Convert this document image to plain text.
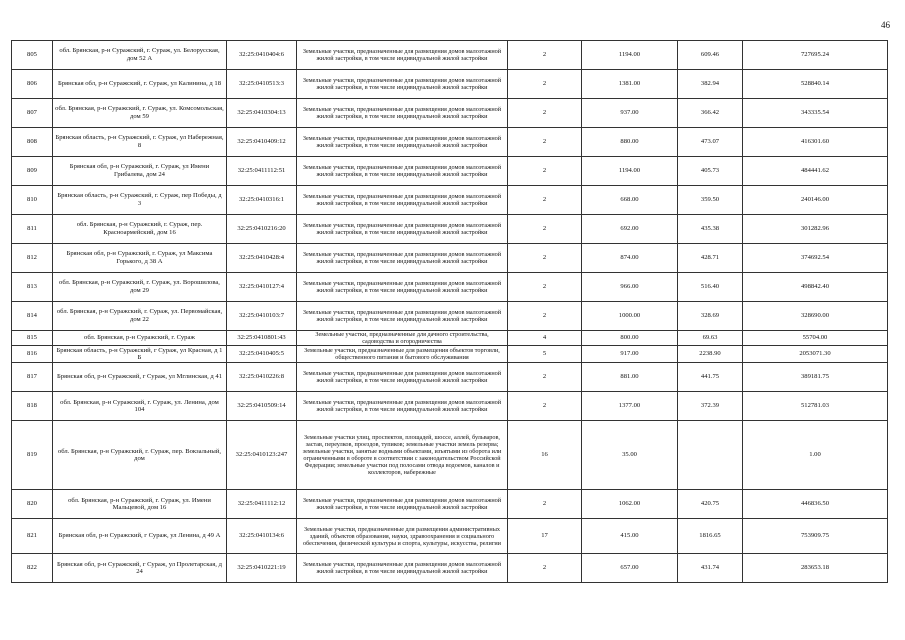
46
805	обл. Брянская, р-н Суражский, г. Сураж, ул. Белорусская, дом 52 А	32:25:0410404:6	Земельные участки, предназначенные для размещения домов малоэтажной жилой застройки, в том числе индивидуальной жилой застройки	2	1194.00	609.46	727695.24
806	Брянская обл, р-н Суражский, г. Сураж, ул Калинина, д 18	32:25:0410513:3	Земельные участки, предназначенные для размещения домов малоэтажной жилой застройки, в том числе индивидуальной жилой застройки	2	1381.00	382.94	528840.14
807	обл. Брянская, р-н Суражский, г. Сураж, ул. Комсомольская, дом 59	32:25:0410304:13	Земельные участки, предназначенные для размещения домов малоэтажной жилой застройки, в том числе индивидуальной жилой застройки	2	937.00	366.42	343335.54
808	Брянская область, р-н Суражский, г. Сураж, ул Набережная, 8	32:25:0410409:12	Земельные участки, предназначенные для размещения домов малоэтажной жилой застройки, в том числе индивидуальной жилой застройки	2	880.00	473.07	416301.60
809	Брянская обл, р-н Суражский, г. Сураж, ул Имени Грибалева, дом 24	32:25:0411112:51	Земельные участки, предназначенные для размещения домов малоэтажной жилой застройки, в том числе индивидуальной жилой застройки	2	1194.00	405.73	484441.62
810	Брянская область, р-н Суражский, г. Сураж, пер Победы, д 3	32:25:0410316:1	Земельные участки, предназначенные для размещения домов малоэтажной жилой застройки, в том числе индивидуальной жилой застройки	2	668.00	359.50	240146.00
811	обл. Брянская, р-н Суражский, г. Сураж, пер. Красноармейский, дом 16	32:25:0410216:20	Земельные участки, предназначенные для размещения домов малоэтажной жилой застройки, в том числе индивидуальной жилой застройки	2	692.00	435.38	301282.96
812	Брянская обл, р-н Суражский, г. Сураж, ул Максима Горького, д 38 А	32:25:0410428:4	Земельные участки, предназначенные для размещения домов малоэтажной жилой застройки, в том числе индивидуальной жилой застройки	2	874.00	428.71	374692.54
813	обл. Брянская, р-н Суражский, г. Сураж, ул. Ворошилова, дом 29	32:25:0410127:4	Земельные участки, предназначенные для размещения домов малоэтажной жилой застройки, в том числе индивидуальной жилой застройки	2	966.00	516.40	498842.40
814	обл. Брянская, р-н Суражский, г. Сураж, ул. Первомайская, дом 22	32:25:0410103:7	Земельные участки, предназначенные для размещения домов малоэтажной жилой застройки, в том числе индивидуальной жилой застройки	2	1000.00	328.69	328690.00
815	обл. Брянская, р-н Суражский, г. Сураж	32:25:0410801:43	Земельные участки, предназначенные для дачного строительства, садоводства и огородничества	4	800.00	69.63	55704.00
816	Брянская область, р-н Суражский, г Сураж, ул Красная, д 1 Б	32:25:0410405:5	Земельные участки, предназначенные для размещения объектов торговли, общественного питания и бытового обслуживания	5	917.00	2238.90	2053071.30
817	Брянская обл, р-н Суражский, г Сураж, ул Мглинская, д 41	32:25:0410226:8	Земельные участки, предназначенные для размещения домов малоэтажной жилой застройки, в том числе индивидуальной жилой застройки	2	881.00	441.75	389181.75
818	обл. Брянская, р-н Суражский, г. Сураж, ул. Ленина, дом 104	32:25:0410509:14	Земельные участки, предназначенные для размещения домов малоэтажной жилой застройки, в том числе индивидуальной жилой застройки	2	1377.00	372.39	512781.03
819	обл. Брянская, р-н Суражский, г. Сураж, пер. Вокзальный, дом	32:25:0410123:247	Земельные участки улиц, проспектов, площадей, шоссе, аллей, бульваров, застав, переулков, проездов, тупиков; земельные участки земель резерва; земельные участки, занятые водными объектами, изъятыми из оборота или ограниченными в обороте в соответствии с законодательством Российской Федерации; земельные участки под полосами отвода водоемов, каналов и коллекторов, набережные	16	35.00		1.00
820	обл. Брянская, р-н Суражский, г. Сураж, ул. Имени Мальцевой, дом 16	32:25:0411112:12	Земельные участки, предназначенные для размещения домов малоэтажной жилой застройки, в том числе индивидуальной жилой застройки	2	1062.00	420.75	446836.50
821	Брянская обл, р-н Суражский, г Сураж, ул Ленина, д 49 А	32:25:0410134:6	Земельные участки, предназначенные для размещения административных зданий, объектов образования, науки, здравоохранения и социального обеспечения, физической культуры и спорта, культуры, искусства, религии	17	415.00	1816.65	753909.75
822	Брянская обл, р-н Суражский, г Сураж, ул Пролетарская, д 24	32:25:0410221:19	Земельные участки, предназначенные для размещения домов малоэтажной жилой застройки, в том числе индивидуальной жилой застройки	2	657.00	431.74	283653.18
